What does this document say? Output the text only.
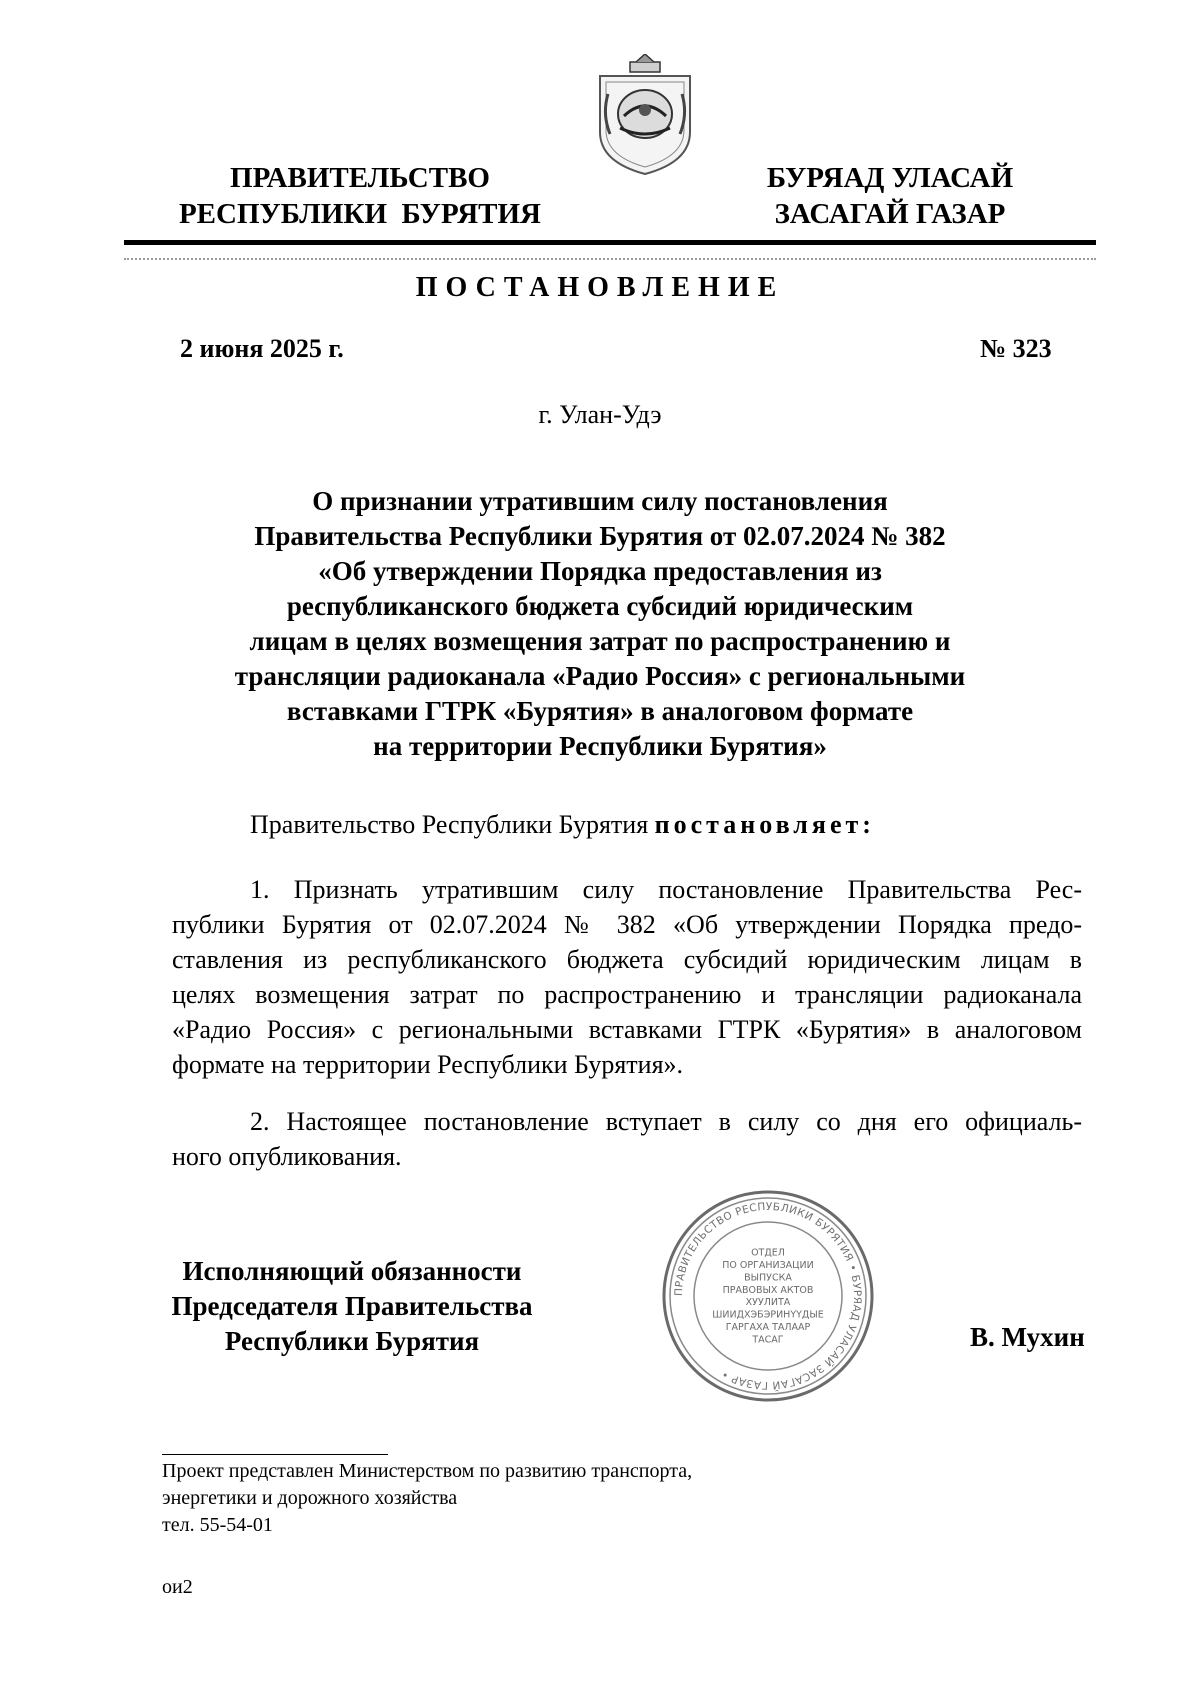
ПРАВИТЕЛЬСТВО
РЕСПУБЛИКИ  БУРЯТИЯ
БУРЯАД УЛАСАЙ
ЗАСАГАЙ ГАЗАР
ПОСТАНОВЛЕНИЕ
2 июня 2025 г.	№ 323
г. Улан-Удэ
О признании утратившим силу постановления
Правительства Республики Бурятия от 02.07.2024 № 382
«Об утверждении Порядка предоставления из
республиканского бюджета субсидий юридическим
лицам в целях возмещения затрат по распространению и
трансляции радиоканала «Радио Россия» с региональными
вставками ГТРК «Бурятия» в аналоговом формате
на территории Республики Бурятия»
Правительство Республики Бурятия постановляет:
1. Признать утратившим силу постановление Правительства Рес-
публики Бурятия от 02.07.2024 № 382 «Об утверждении Порядка предо-
ставления из республиканского бюджета субсидий юридическим лицам в
целях возмещения затрат по распространению и трансляции радиоканала
«Радио Россия» с региональными вставками ГТРК «Бурятия» в аналоговом
формате на территории Республики Бурятия».
2. Настоящее постановление вступает в силу со дня его официаль-
ного опубликования.
Исполняющий обязанности
Председателя Правительства
Республики Бурятия
ПРАВИТЕЛЬСТВО РЕСПУБЛИКИ БУРЯТИЯ • БУРЯАД УЛАСАЙ ЗАСАГАЙ ГАЗАР •
ОТДЕЛ
ПО ОРГАНИЗАЦИИ
ВЫПУСКА
ПРАВОВЫХ АКТОВ
ХУУЛИТА
ШИИДХЭБЭРИНҮҮДЫЕ
ГАРГАХА ТАЛААР
ТАСАГ	В. Мухин
Проект представлен Министерством по развитию транспорта,
энергетики и дорожного хозяйства
тел. 55-54-01
ои2
